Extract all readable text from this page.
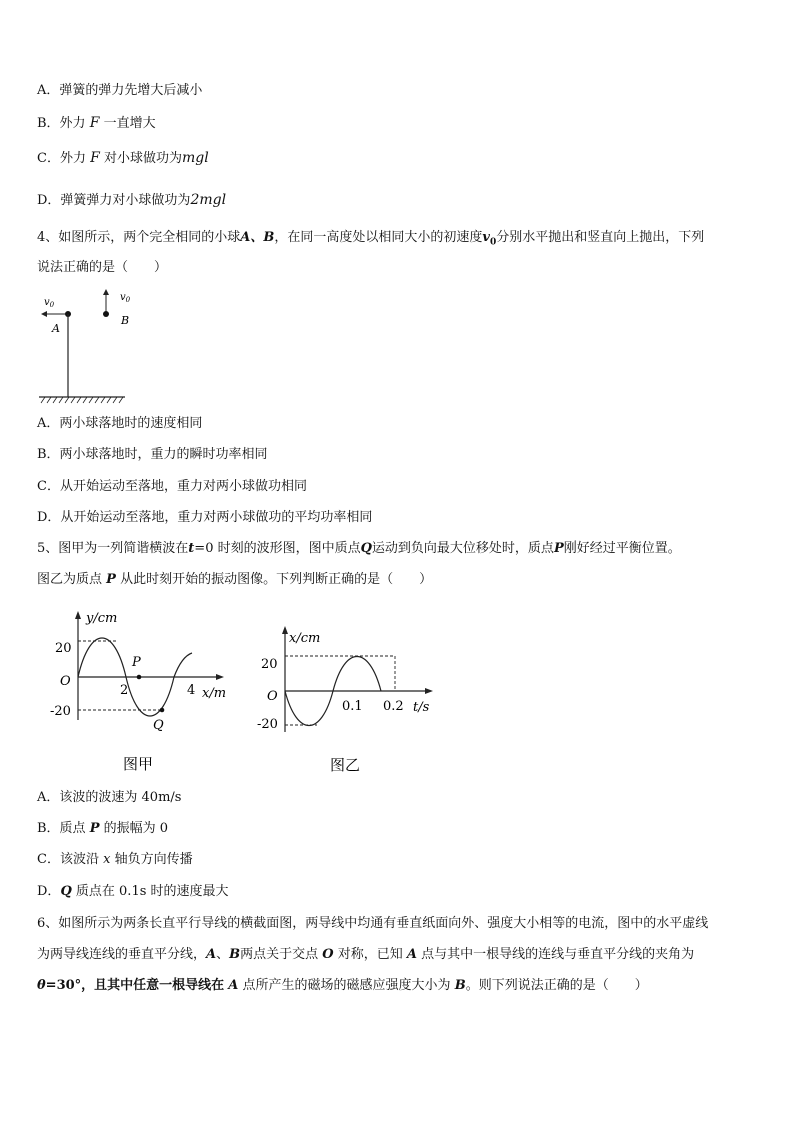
A．弹簧的弹力先增大后减小
B．外力 F 一直增大
C．外力 F 对小球做功为mgl
D．弹簧弹力对小球做功为2mgl
4、如图所示，两个完全相同的小球A、B，在同一高度处以相同大小的初速度$v_0$分别水平抛出和竖直向上抛出，下列
说法正确的是（　　）
$v_0$
A
$v_0$
B
A．两小球落地时的速度相同
B．两小球落地时，重力的瞬时功率相同
C．从开始运动至落地，重力对两小球做功相同
D．从开始运动至落地，重力对两小球做功的平均功率相同
5、图甲为一列简谐横波在t=0 时刻的波形图，图中质点Q运动到负向最大位移处时，质点P刚好经过平衡位置。
图乙为质点 P 从此时刻开始的振动图像。下列判断正确的是（　　）
y/cm
x/m
20
-20
O
2	4
P
Q
图甲
x/cm
t/s
20
-20
O
0.1 0.2
图乙
A．该波的波速为 40m/s
B．质点 P 的振幅为 0
C．该波沿 x 轴负方向传播
D．Q 质点在 0.1s 时的速度最大
6、如图所示为两条长直平行导线的横截面图，两导线中均通有垂直纸面向外、强度大小相等的电流，图中的水平虚线
为两导线连线的垂直平分线，A、B两点关于交点 O 对称，已知 A 点与其中一根导线的连线与垂直平分线的夹角为
θ=30°，且其中任意一根导线在 A 点所产生的磁场的磁感应强度大小为 B。则下列说法正确的是（　　）
